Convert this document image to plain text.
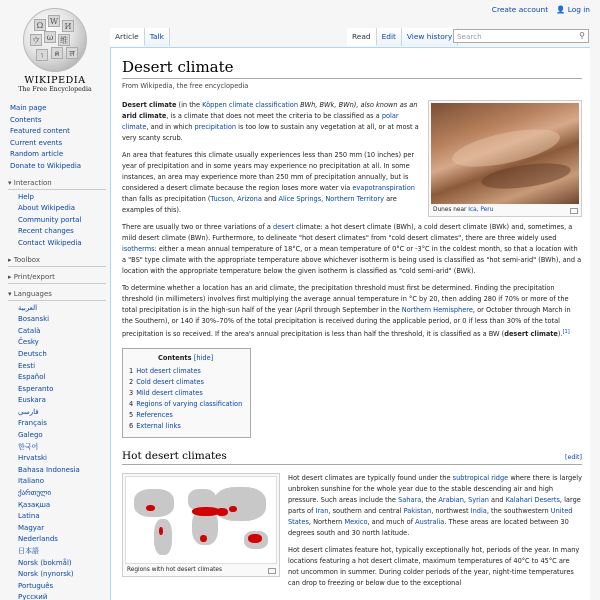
Create account 👤 Log in
Ω W
И
ウ ω 维
ו	ค	ल
WIKIPEDIA
The Free Encyclopedia
Article	Talk	Read	Edit	View history Search	⚲
Main page
Contents
Featured content
Current events
Random article
Donate to Wikipedia
▾ Interaction
Help
About Wikipedia
Community portal
Recent changes
Contact Wikipedia
▸ Toolbox
▸ Print/export
▾ Languages
العربية
Bosanski
Català
Česky
Deutsch
Eesti
Español
Esperanto
Euskara
فارسی
Français
Galego
한국어
Hrvatski
Bahasa Indonesia
Italiano
ქართული
Қазақша
Latina
Magyar
Nederlands
日本語
Norsk (bokmål)
Norsk (nynorsk)
Português
Русский
Desert climate
From Wikipedia, the free encyclopedia
Dunes near Ica, Peru

Desert climate (in the Köppen climate classification BWh, BWk, BWn), also known as an arid climate, is a climate that does not meet the criteria to be classified as a polar climate, and in which precipitation is too low to sustain any vegetation at all, or at most a very scanty scrub.

An area that features this climate usually experiences less than 250 mm (10 inches) per year of precipitation and in some years may experience no precipitation at all. In some instances, an area may experience more than 250 mm of precipitation annually, but is considered a desert climate because the region loses more water via evapotranspiration than falls as precipitation (Tucson, Arizona and Alice Springs, Northern Territory are examples of this).

There are usually two or three variations of a desert climate: a hot desert climate (BWh), a cold desert climate (BWk) and, sometimes, a mild desert climate (BWn). Furthermore, to delineate "hot desert climates" from "cold desert climates", there are three widely used isotherms: either a mean annual temperature of 18°C, or a mean temperature of 0°C or -3°C in the coldest month, so that a location with a "BS" type climate with the appropriate temperature above whichever isotherm is being used is classified as "hot semi-arid" (BWh), and a location with the appropriate temperature below the given isotherm is classified as "cold semi-arid" (BWk).

To determine whether a location has an arid climate, the precipitation threshold must first be determined. Finding the precipitation threshold (in millimeters) involves first multiplying the average annual temperature in °C by 20, then adding 280 if 70% or more of the total precipitation is in the high-sun half of the year (April through September in the Northern Hemisphere, or October through March in the Southern), or 140 if 30%–70% of the total precipitation is received during the applicable period, or 0 if less than 30% of the total precipitation is so received. If the area's annual precipitation is less than half the threshold, it is classified as a BW (desert climate).[1]

Contents [hide]
1 Hot desert climates
2 Cold desert climates
3 Mild desert climates
4 Regions of varying classification
5 References
6 External links
Hot desert climates	[edit]
Regions with hot desert climates

Hot desert climates are typically found under the subtropical ridge where there is largely unbroken sunshine for the whole year due to the stable descending air and high pressure. Such areas include the Sahara, the Arabian, Syrian and Kalahari Deserts, large parts of Iran, southern and central Pakistan, northwest India, the southwestern United States, Northern Mexico, and much of Australia. These areas are located between 30 degrees south and 30 north latitude.

Hot desert climates feature hot, typically exceptionally hot, periods of the year. In many locations featuring a hot desert climate, maximum temperatures of 40°C to 45°C are not uncommon in summer. During colder periods of the year, night-time temperatures can drop to freezing or below due to the exceptional
